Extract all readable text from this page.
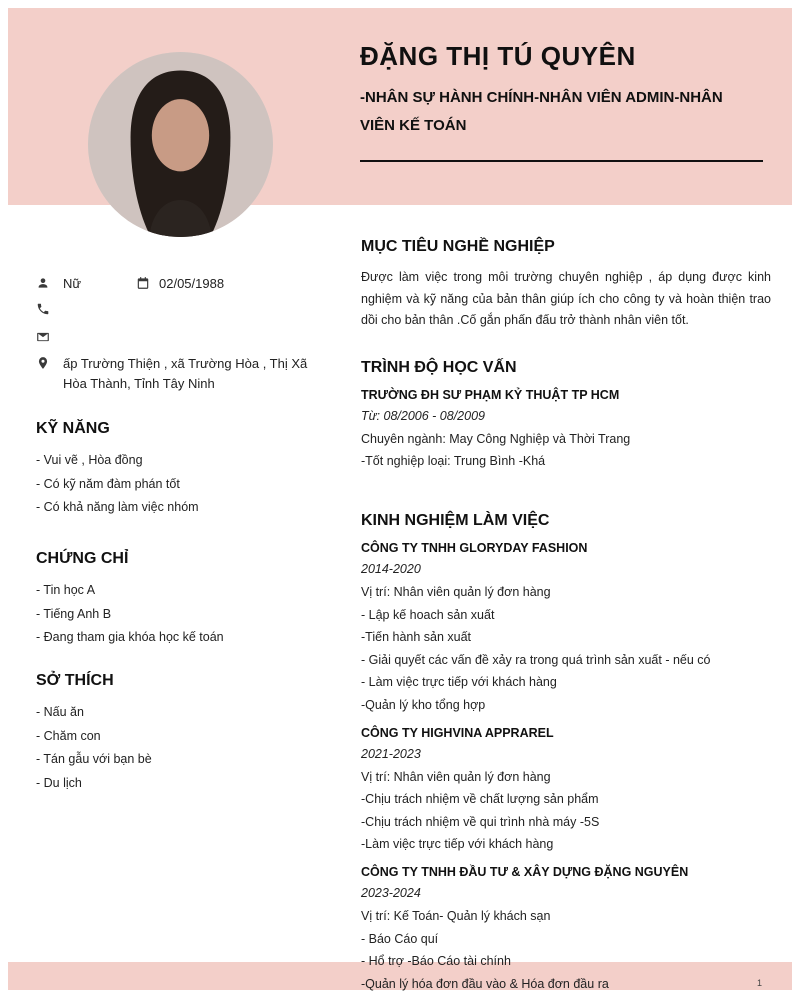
1
ĐẶNG THỊ TÚ QUYÊN
-NHÂN SỰ HÀNH CHÍNH-NHÂN VIÊN ADMIN-NHÂN VIÊN KẾ TOÁN
Nữ	02/05/1988
ấp Trường Thiện , xã Trường Hòa , Thị Xã
Hòa Thành, Tỉnh Tây Ninh
KỸ NĂNG
- Vui vẽ , Hòa đồng
- Có kỹ năm đàm phán tốt
- Có khả năng làm việc nhóm
CHỨNG CHỈ
- Tin học A
- Tiếng Anh B
- Đang tham gia khóa học kế toán
SỞ THÍCH
- Nấu ăn
- Chăm con
- Tán gẫu với bạn bè
- Du lịch
MỤC TIÊU NGHỀ NGHIỆP
Được làm việc trong môi trường chuyên nghiệp , áp dụng được kinh nghiệm và kỹ năng của bản thân giúp ích cho công ty và hoàn thiện trao dồi cho bản thân .Cố gắn phấn đấu trở thành nhân viên tốt.
TRÌNH ĐỘ HỌC VẤN
TRƯỜNG ĐH SƯ PHẠM KỶ THUẬT TP HCM
Từ: 08/2006 - 08/2009
Chuyên ngành: May Công Nghiệp và Thời Trang
-Tốt nghiệp loại: Trung Bình -Khá
KINH NGHIỆM LÀM VIỆC
CÔNG TY TNHH GLORYDAY FASHION
2014-2020
Vị trí: Nhân viên quản lý đơn hàng
- Lập kế hoach sản xuất
-Tiến hành sản xuất
- Giải quyết các vấn đề xảy ra trong quá trình sản xuất - nếu có
- Làm việc trực tiếp với khách hàng
-Quản lý kho tổng hợp
CÔNG TY HIGHVINA APPRAREL
2021-2023
Vị trí: Nhân viên quản lý đơn hàng
-Chịu trách nhiệm về chất lượng sản phẩm
-Chịu trách nhiệm về qui trình nhà máy -5S
-Làm việc trực tiếp với khách hàng
CÔNG TY TNHH ĐẦU TƯ & XÂY DỰNG ĐẶNG NGUYÊN
2023-2024
Vị trí: Kế Toán- Quản lý khách sạn
- Báo Cáo quí
- Hổ trợ -Báo Cáo tài chính
-Quản lý hóa đơn đầu vào & Hóa đơn đầu ra
